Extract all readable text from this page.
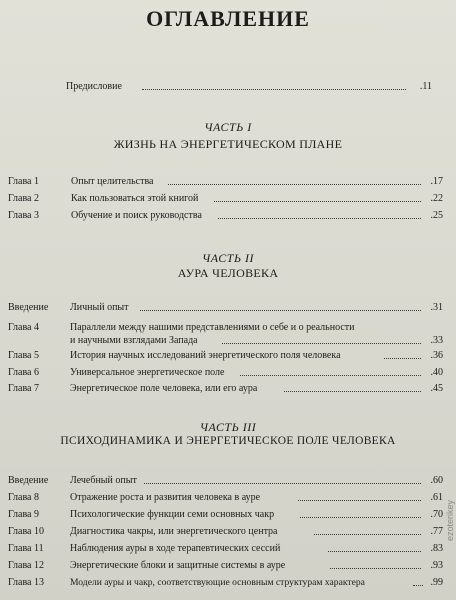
ОГЛАВЛЕНИЕ
Предисловие	.11
ЧАСТЬ I
ЖИЗНЬ НА ЭНЕРГЕТИЧЕСКОМ ПЛАНЕ
Глава 1	Опыт целительства	.17
Глава 2	Как пользоваться этой книгой	.22
Глава 3	Обучение и поиск руководства	.25
ЧАСТЬ II
АУРА ЧЕЛОВЕКА
Введение Личный опыт	.31
Глава 4	Параллели между нашими представлениями о себе и о реальности
и научными взглядами Запада	.33
Глава 5	История научных исследований энергетического поля человека	.36
Глава 6	Универсальное энергетическое поле	.40
Глава 7	Энергетическое поле человека, или его аура	.45
ЧАСТЬ III
ПСИХОДИНАМИКА И ЭНЕРГЕТИЧЕСКОЕ ПОЛЕ ЧЕЛОВЕКА
Введение Лечебный опыт	.60
Глава 8	Отражение роста и развития человека в ауре	.61
Глава 9	Психологические функции семи основных чакр	.70
Глава 10	Диагностика чакры, или энергетического центра	.77
Глава 11	Наблюдения ауры в ходе терапевтических сессий	.83
Глава 12	Энергетические блоки и защитные системы в ауре	.93
Глава 13	Модели ауры и чакр, соответствующие основным структурам характера	.99
ezoterikey
